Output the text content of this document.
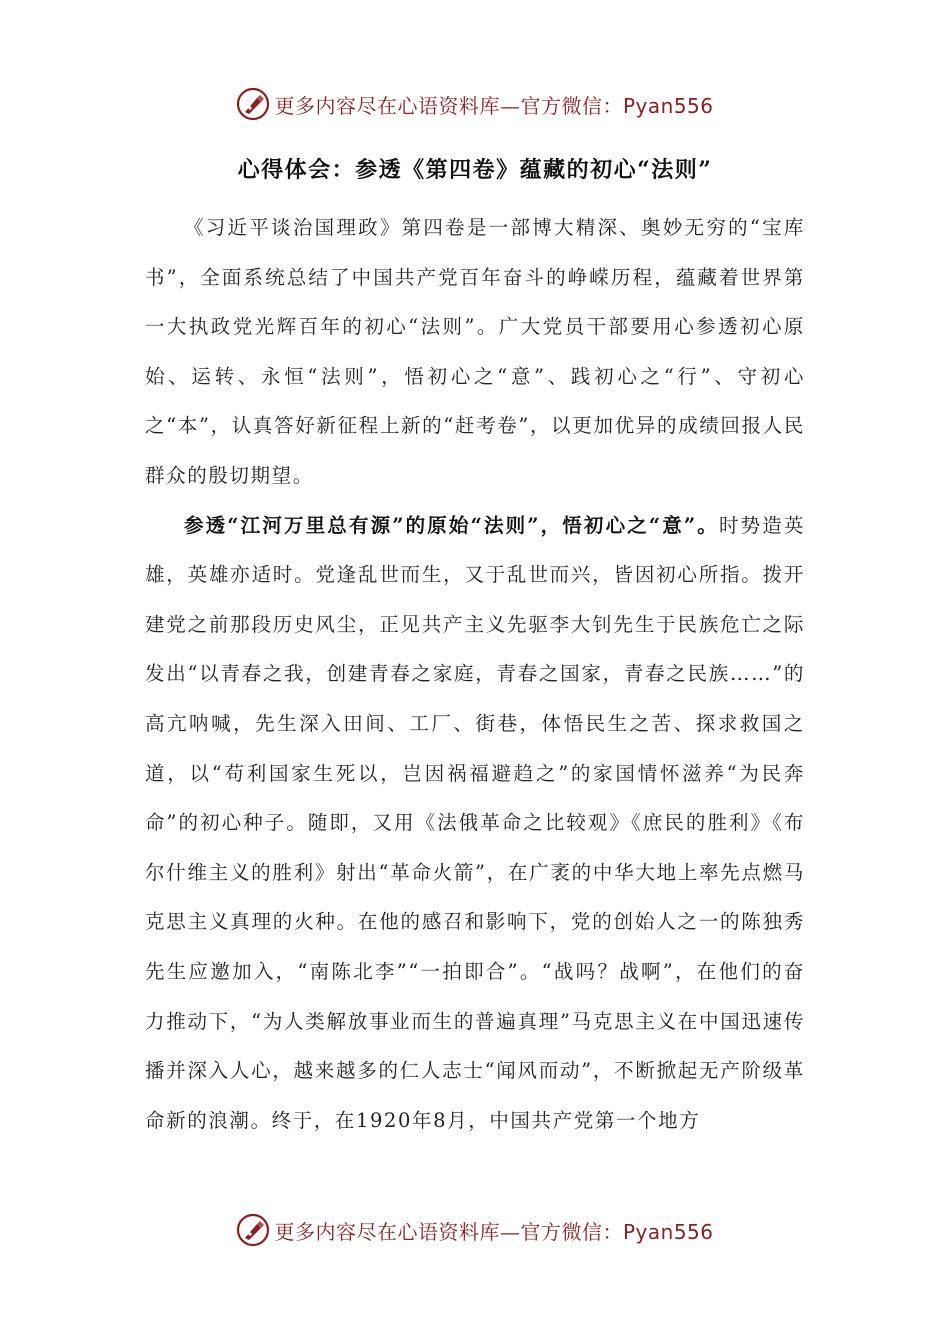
更多内容尽在心语资料库—官方微信：Pyan556
心得体会：参透《第四卷》蕴藏的初心“法则”

《习近平谈治国理政》第四卷是一部博大精深、奥妙无穷的“宝库书”，全面系统总结了中国共产党百年奋斗的峥嵘历程，蕴藏着世界第一大执政党光辉百年的初心“法则”。广大党员干部要用心参透初心原始、运转、永恒“法则”，悟初心之“意”、践初心之“行”、守初心之“本”，认真答好新征程上新的“赶考卷”，以更加优异的成绩回报人民群众的殷切期望。

参透“江河万里总有源”的原始“法则”，悟初心之“意”。时势造英雄，英雄亦适时。党逢乱世而生，又于乱世而兴，皆因初心所指。拨开建党之前那段历史风尘，正见共产主义先驱李大钊先生于民族危亡之际发出“以青春之我，创建青春之家庭，青春之国家，青春之民族……”的高亢呐喊，先生深入田间、工厂、街巷，体悟民生之苦、探求救国之道，以“苟利国家生死以，岂因祸福避趋之”的家国情怀滋养“为民奔命”的初心种子。随即，又用《法俄革命之比较观》《庶民的胜利》《布尔什维主义的胜利》射出“革命火箭”，在广袤的中华大地上率先点燃马克思主义真理的火种。在他的感召和影响下，党的创始人之一的陈独秀先生应邀加入，“南陈北李”“一拍即合”。“战吗？战啊”，在他们的奋力推动下，“为人类解放事业而生的普遍真理”马克思主义在中国迅速传播并深入人心，越来越多的仁人志士“闻风而动”，不断掀起无产阶级革命新的浪潮。终于，在1920年8月，中国共产党第一个地方

更多内容尽在心语资料库—官方微信：Pyan556
